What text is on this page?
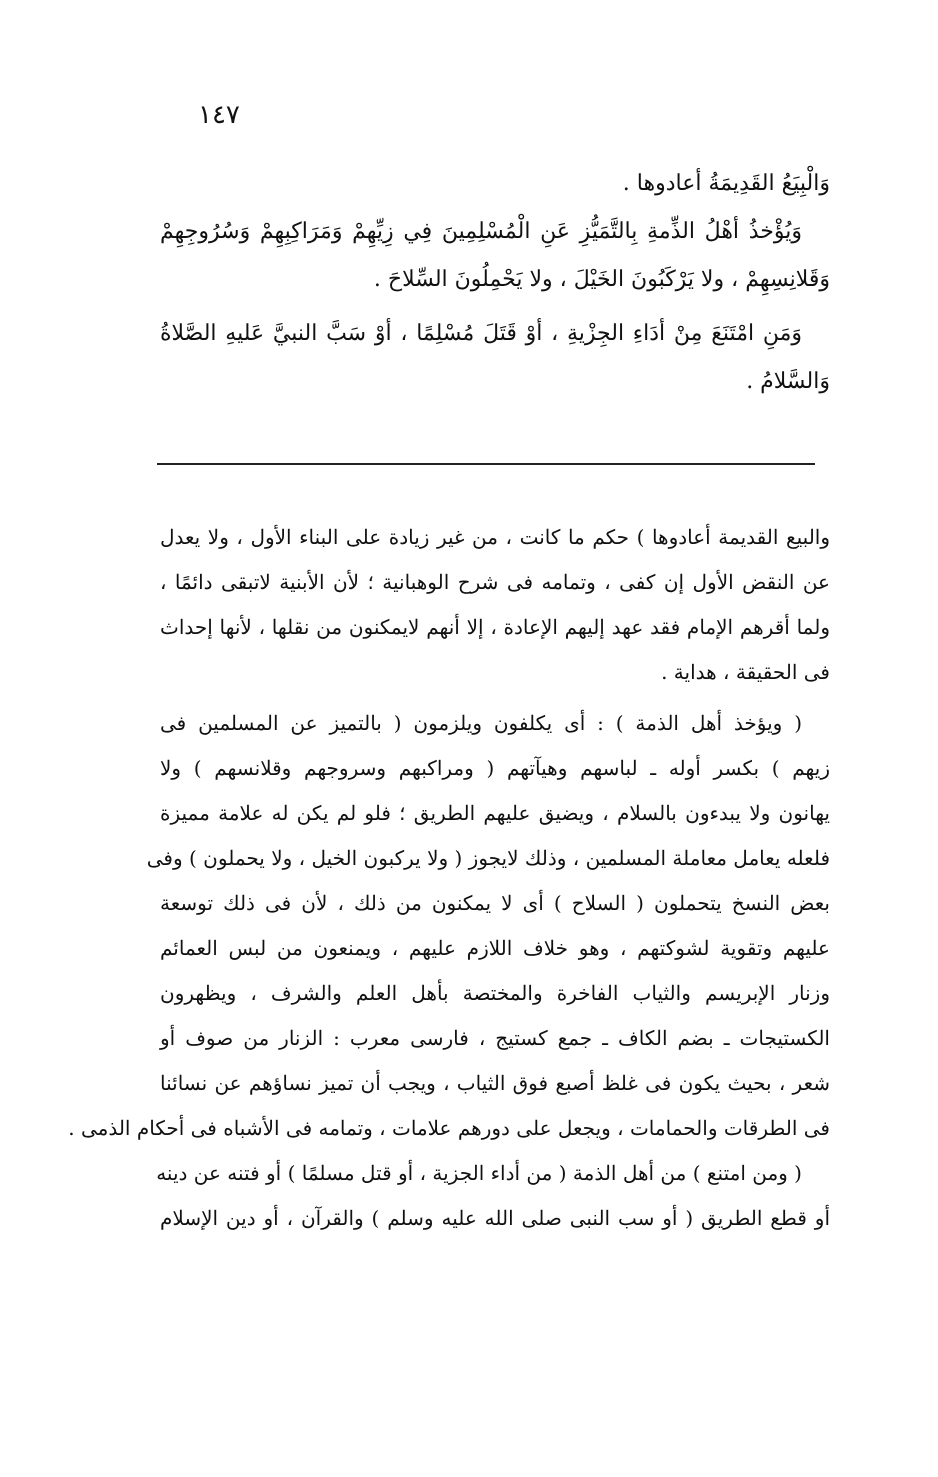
١٤٧
وَالْبِيَعُ القَدِيمَةُ أعادوها .
وَيُؤْخذُ أهْلُ الذِّمةِ بِالتَّمَيُّزِ عَنِ الْمُسْلِمِينَ فِي زِيِّهِمْ وَمَرَاكِبِهِمْ وَسُرُوجِهِمْ
وَقَلانِسِهِمْ ، ولا يَرْكَبُونَ الخَيْلَ ، ولا يَحْمِلُونَ السِّلاحَ .
وَمَنِ امْتَنَعَ مِنْ أدَاءِ الجِزْيةِ ، أوْ قَتَلَ مُسْلِمًا ، أوْ سَبَّ النبيَّ عَليهِ الصَّلاةُ
وَالسَّلامُ .
والبيع القديمة أعادوها ) حكم ما كانت ، من غير زيادة على البناء الأول ، ولا يعدل
عن النقض الأول إن كفى ، وتمامه فى شرح الوهبانية ؛ لأن الأبنية لاتبقى دائمًا ،
ولما أقرهم الإمام فقد عهد إليهم الإعادة ، إلا أنهم لايمكنون من نقلها ، لأنها إحداث
فى الحقيقة ، هداية .
( ويؤخذ أهل الذمة ) : أى يكلفون ويلزمون ( بالتميز عن المسلمين فى
زيهم ) بكسر أوله ـ لباسهم وهيآتهم ( ومراكبهم وسروجهم وقلانسهم ) ولا
يهانون ولا يبدءون بالسلام ، ويضيق عليهم الطريق ؛ فلو لم يكن له علامة مميزة
فلعله يعامل معاملة المسلمين ، وذلك لايجوز ( ولا يركبون الخيل ، ولا يحملون ) وفى
بعض النسخ يتحملون ( السلاح ) أى لا يمكنون من ذلك ، لأن فى ذلك توسعة
عليهم وتقوية لشوكتهم ، وهو خلاف اللازم عليهم ، ويمنعون من لبس العمائم
وزنار الإبريسم والثياب الفاخرة والمختصة بأهل العلم والشرف ، ويظهرون
الكستيجات ـ بضم الكاف ـ جمع كستيج ، فارسى معرب : الزنار من صوف أو
شعر ، بحيث يكون فى غلظ أصبع فوق الثياب ، ويجب أن تميز نساؤهم عن نسائنا
فى الطرقات والحمامات ، ويجعل على دورهم علامات ، وتمامه فى الأشباه فى أحكام الذمى .
( ومن امتنع ) من أهل الذمة ( من أداء الجزية ، أو قتل مسلمًا ) أو فتنه عن دينه
أو قطع الطريق ( أو سب النبى صلى الله عليه وسلم ) والقرآن ، أو دين الإسلام
